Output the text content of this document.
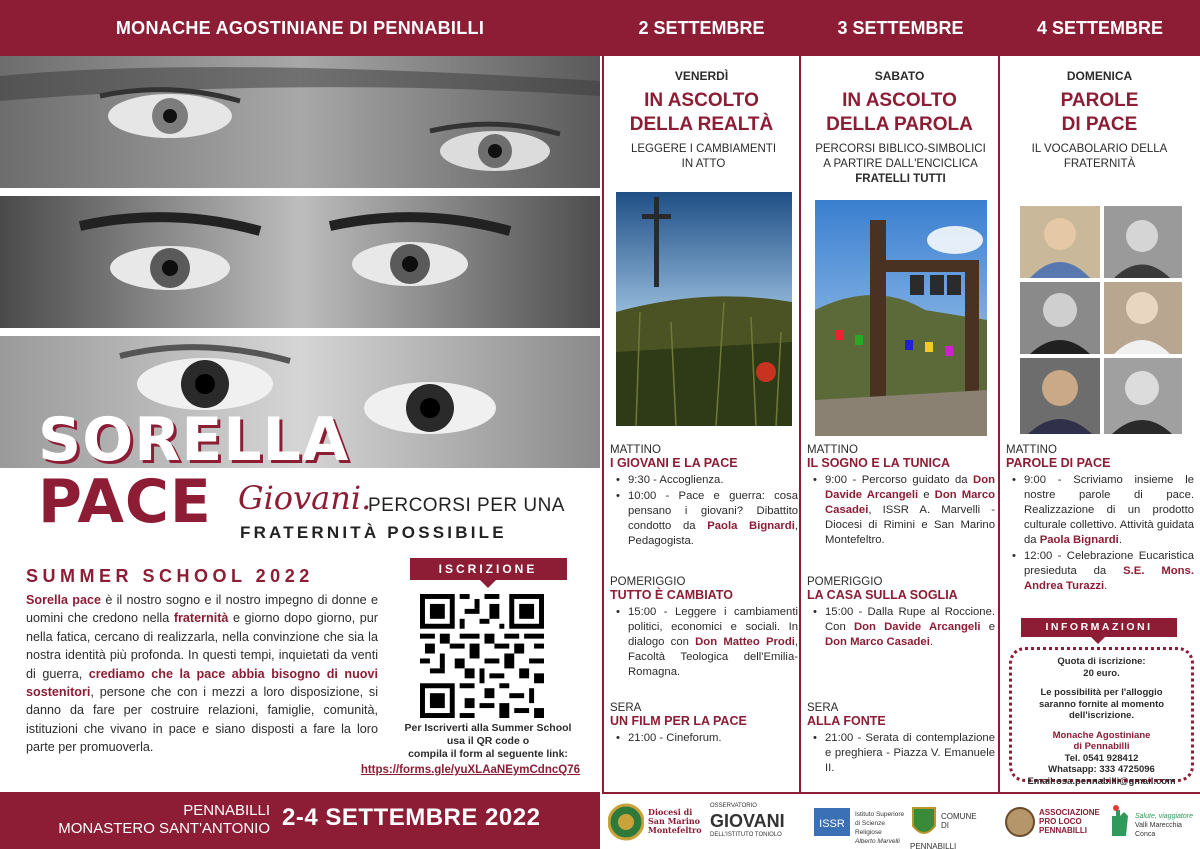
MONACHE AGOSTINIANE DI PENNABILLI	2 SETTEMBRE	3 SETTEMBRE	4 SETTEMBRE
SORELLA
PACE Giovani.
PERCORSI PER UNA
FRATERNITÀ POSSIBILE
SUMMER SCHOOL 2022

Sorella pace è il nostro sogno e il nostro impegno di donne e uomini che credono nella fraternità e giorno dopo giorno, pur nella fatica, cercano di realizzarla, nella convinzione che sia la nostra identità più profonda. In questi tempi, inquietati da venti di guerra, crediamo che la pace abbia bisogno di nuovi sostenitori, persone che con i mezzi a loro disposizione, si danno da fare per costruire relazioni, famiglie, comunità, istituzioni che vivano in pace e siano disposti a fare la loro parte per promuoverla.

ISCRIZIONE
Per Iscriverti alla Summer School
usa il QR code o
compila il form al seguente link:
https://forms.gle/yuXLAaNEymCdncQ76
PENNABILLI
MONASTERO SANT'ANTONIO 2-4 SETTEMBRE 2022
VENERDÌ
IN ASCOLTO
DELLA REALTÀ
LEGGERE I CAMBIAMENTI
IN ATTO
MATTINO
I GIOVANI E LA PACE
• 9:30 - Accoglienza.
• 10:00 - Pace e guerra: cosa pensano i giovani? Dibattito condotto da Paola Bignardi, Pedagogista.
POMERIGGIO
TUTTO È CAMBIATO
• 15:00 - Leggere i cambiamenti politici, economici e sociali. In dialogo con Don Matteo Prodi, Facoltà Teologica dell'Emilia-Romagna.
SERA
UN FILM PER LA PACE
• 21:00 - Cineforum.
SABATO
IN ASCOLTO
DELLA PAROLA
PERCORSI BIBLICO-SIMBOLICI
A PARTIRE DALL'ENCICLICA
FRATELLI TUTTI
MATTINO
IL SOGNO E LA TUNICA
• 9:00 - Percorso guidato da Don Davide Arcangeli e Don Marco Casadei, ISSR A. Marvelli - Diocesi di Rimini e San Marino Montefeltro.
POMERIGGIO
LA CASA SULLA SOGLIA
• 15:00 - Dalla Rupe al Roccione. Con Don Davide Arcangeli e Don Marco Casadei.
SERA
ALLA FONTE
• 21:00 - Serata di contemplazione e preghiera - Piazza V. Emanuele II.
DOMENICA
PAROLE
DI PACE
IL VOCABOLARIO DELLA
FRATERNITÀ
MATTINO
PAROLE DI PACE
• 9:00 - Scriviamo insieme le nostre parole di pace. Realizzazione di un prodotto culturale collettivo. Attività guidata da Paola Bignardi.
• 12:00 - Celebrazione Eucaristica presieduta da S.E. Mons. Andrea Turazzi.
INFORMAZIONI
Quota di iscrizione:
20 euro.
Le possibilità per l'alloggio
saranno fornite al momento
dell'iscrizione.
Monache Agostiniane
di Pennabilli
Tel. 0541 928412
Whatsapp: 333 4725096
Email:osa.pennabilli@gmail.com
Diocesi di
San Marino
Montefeltro
OSSERVATORIO
GIOVANI
DELL'ISTITUTO TONIOLO
ISSR
Istituto Superiore
di Scienze Religiose
Alberto Marvelli
COMUNE
DI PENNABILLI
ASSOCIAZIONE
PRO LOCO
PENNABILLI
Salute, viaggiatore
Valli Marecchia Conca
